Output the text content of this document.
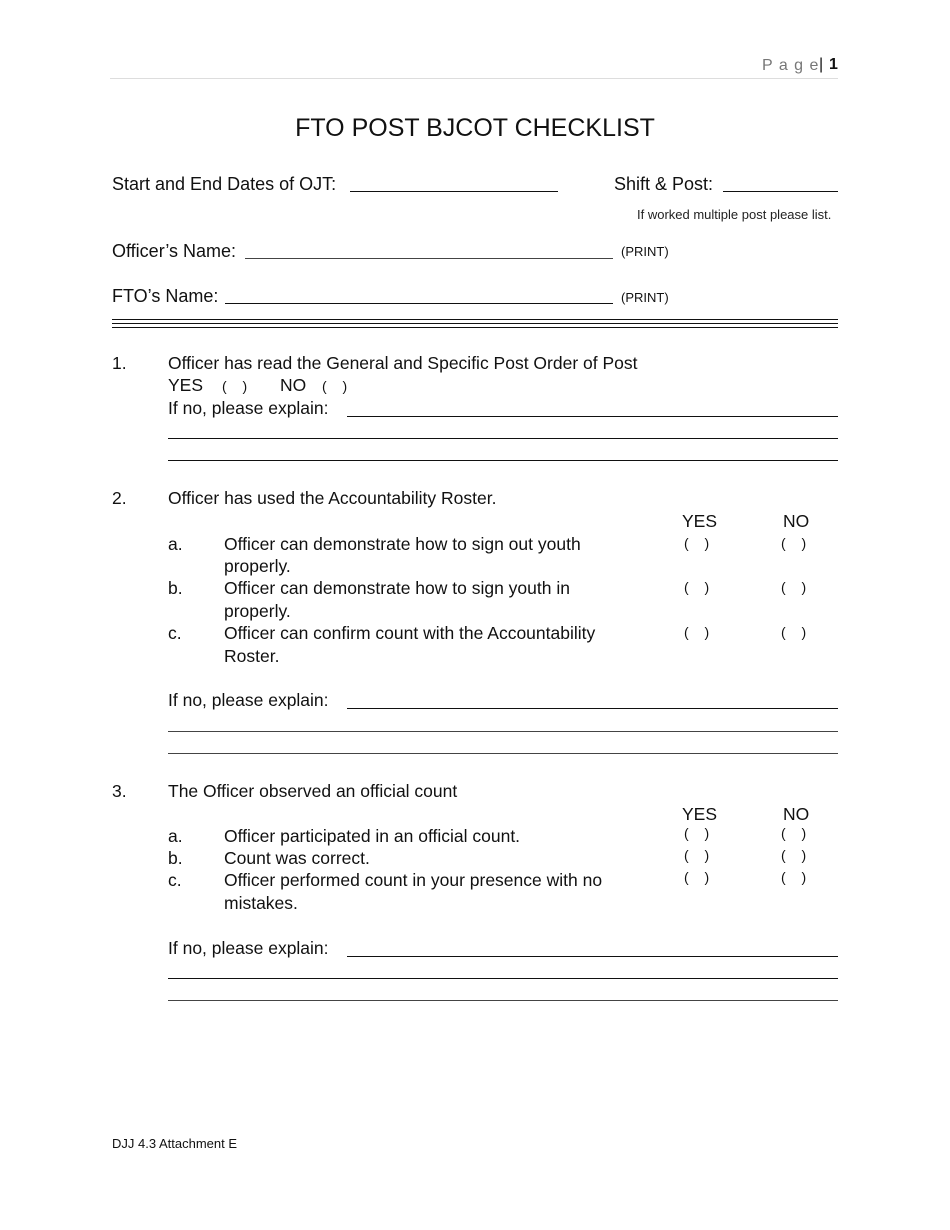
P a g e | 1
FTO POST BJCOT CHECKLIST
Start and End Dates of OJT:	Shift & Post:
If worked multiple post please list.
Officer’s Name:	(PRINT)
FTO’s Name:	(PRINT)
1. Officer has read the General and Specific Post Order of Post
YES ( ) NO ( )
If no, please explain:
2. Officer has used the Accountability Roster.
YES	NO
a. Officer can demonstrate how to sign out youth
properly.
( )	( )
b. Officer can demonstrate how to sign youth in
properly.
( )	( )
c. Officer can confirm count with the Accountability
Roster.
( )	( )
If no, please explain:
3. The Officer observed an official count
YES	NO
a. Officer participated in an official count.	( )	( )
b. Count was correct.	( )	( )
c. Officer performed count in your presence with no
mistakes.
( )	( )
If no, please explain:
DJJ 4.3 Attachment E
